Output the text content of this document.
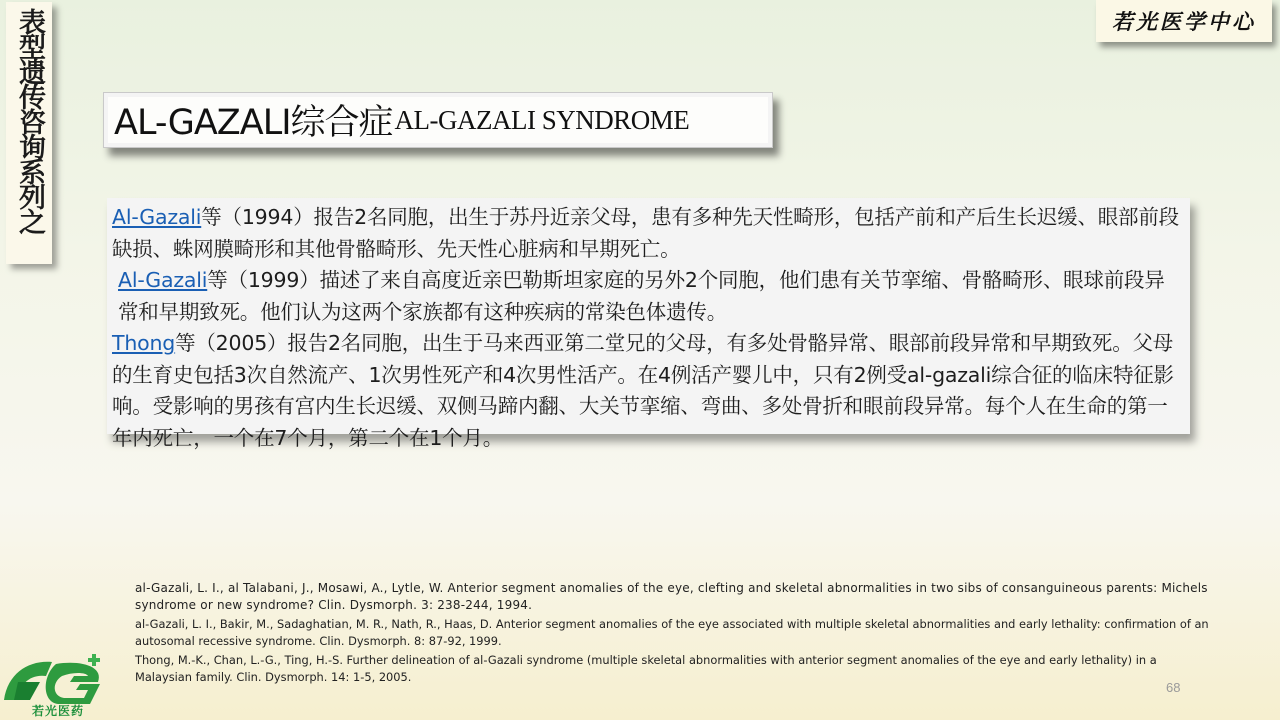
表型遗传咨询系列之	若光医学中心
AL-GAZALI综合症 AL-GAZALI SYNDROME

Al-Gazali等（1994）报告2名同胞，出生于苏丹近亲父母，患有多种先天性畸形，包括产前和产后生长迟缓、眼部前段缺损、蛛网膜畸形和其他骨骼畸形、先天性心脏病和早期死亡。

Al-Gazali等（1999）描述了来自高度近亲巴勒斯坦家庭的另外2个同胞，他们患有关节挛缩、骨骼畸形、眼球前段异常和早期致死。他们认为这两个家族都有这种疾病的常染色体遗传。

Thong等（2005）报告2名同胞，出生于马来西亚第二堂兄的父母，有多处骨骼异常、眼部前段异常和早期致死。父母的生育史包括3次自然流产、1次男性死产和4次男性活产。在4例活产婴儿中，只有2例受al-gazali综合征的临床特征影响。受影响的男孩有宫内生长迟缓、双侧马蹄内翻、大关节挛缩、弯曲、多处骨折和眼前段异常。每个人在生命的第一年内死亡，一个在7个月，第二个在1个月。

al-Gazali, L. I., al Talabani, J., Mosawi, A., Lytle, W. Anterior segment anomalies of the eye, clefting and skeletal abnormalities in two sibs of consanguineous parents: Michels syndrome or new syndrome? Clin. Dysmorph. 3: 238-244, 1994.

al-Gazali, L. I., Bakir, M., Sadaghatian, M. R., Nath, R., Haas, D. Anterior segment anomalies of the eye associated with multiple skeletal abnormalities and early lethality: confirmation of an autosomal recessive syndrome. Clin. Dysmorph. 8: 87-92, 1999.

Thong, M.-K., Chan, L.-G., Ting, H.-S. Further delineation of al-Gazali syndrome (multiple skeletal abnormalities with anterior segment anomalies of the eye and early lethality) in a Malaysian family. Clin. Dysmorph. 14: 1-5, 2005.

68
若光医药
